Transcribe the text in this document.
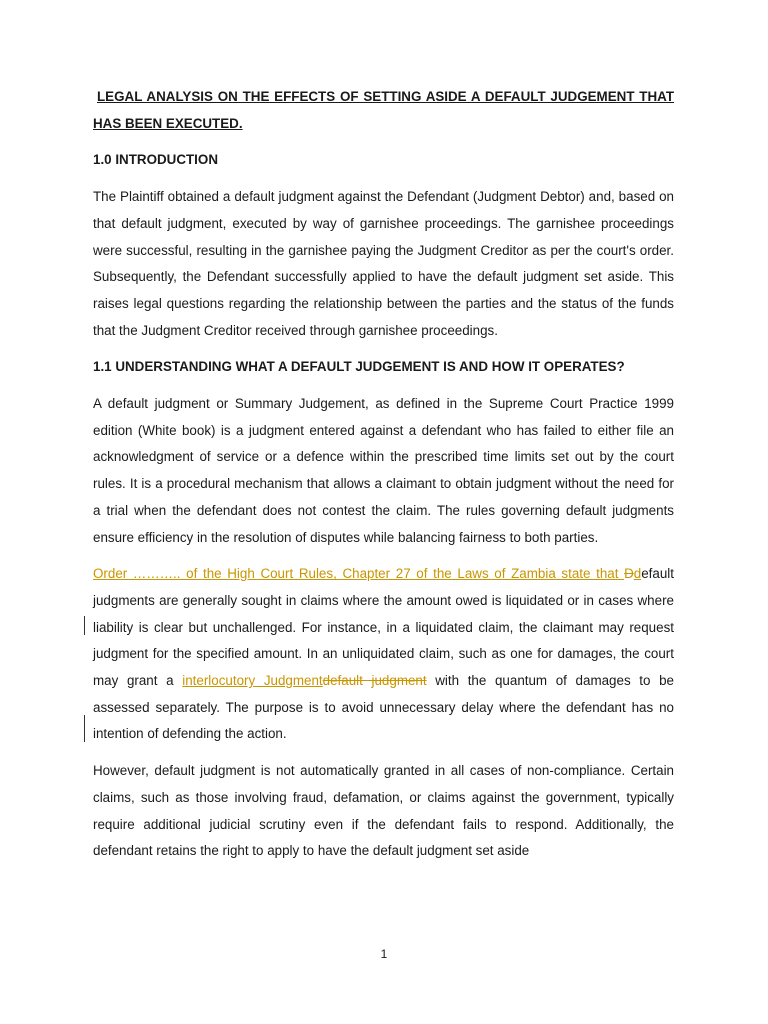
LEGAL ANALYSIS ON THE EFFECTS OF SETTING ASIDE A DEFAULT JUDGEMENT THAT HAS BEEN EXECUTED.

1.0 INTRODUCTION

The Plaintiff obtained a default judgment against the Defendant (Judgment Debtor) and, based on that default judgment, executed by way of garnishee proceedings. The garnishee proceedings were successful, resulting in the garnishee paying the Judgment Creditor as per the court's order. Subsequently, the Defendant successfully applied to have the default judgment set aside. This raises legal questions regarding the relationship between the parties and the status of the funds that the Judgment Creditor received through garnishee proceedings.

1.1 UNDERSTANDING WHAT A DEFAULT JUDGEMENT IS AND HOW IT OPERATES?

A default judgment or Summary Judgement, as defined in the Supreme Court Practice 1999 edition (White book) is a judgment entered against a defendant who has failed to either file an acknowledgment of service or a defence within the prescribed time limits set out by the court rules. It is a procedural mechanism that allows a claimant to obtain judgment without the need for a trial when the defendant does not contest the claim. The rules governing default judgments ensure efficiency in the resolution of disputes while balancing fairness to both parties.

Order ……….. of the High Court Rules, Chapter 27 of the Laws of Zambia state that Ddefault judgments are generally sought in claims where the amount owed is liquidated or in cases where liability is clear but unchallenged. For instance, in a liquidated claim, the claimant may request judgment for the specified amount. In an unliquidated claim, such as one for damages, the court may grant a interlocutory Judgmentdefault judgment with the quantum of damages to be assessed separately. The purpose is to avoid unnecessary delay where the defendant has no intention of defending the action.

However, default judgment is not automatically granted in all cases of non-compliance. Certain claims, such as those involving fraud, defamation, or claims against the government, typically require additional judicial scrutiny even if the defendant fails to respond. Additionally, the defendant retains the right to apply to have the default judgment set aside

1
